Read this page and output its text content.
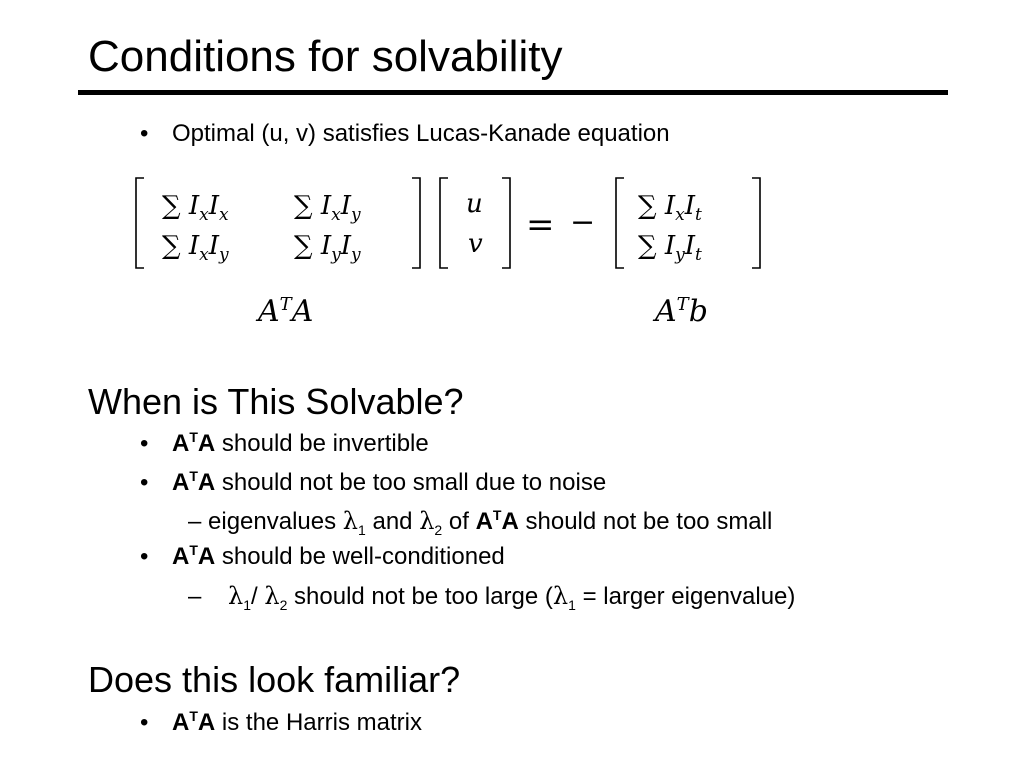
Conditions for solvability
• Optimal (u, v) satisfies Lucas-Kanade equation
∑ IxIx	∑ IxIy
∑ IxIy	∑ IyIy
u
v = − ∑ IxIt
∑ IyIt
$A^TA$	$A^Tb$
When is This Solvable?
• $A^TA$ should be invertible
• $A^TA$ should not be too small due to noise
– eigenvalues $\lambda_1$ and $\lambda_2$ of $A^TA$ should not be too small
• $A^TA$ should be well-conditioned
– $\lambda_1/$ $\lambda_2$ should not be too large ($\lambda_1$ = larger eigenvalue)
Does this look familiar?
• $A^TA$ is the Harris matrix
